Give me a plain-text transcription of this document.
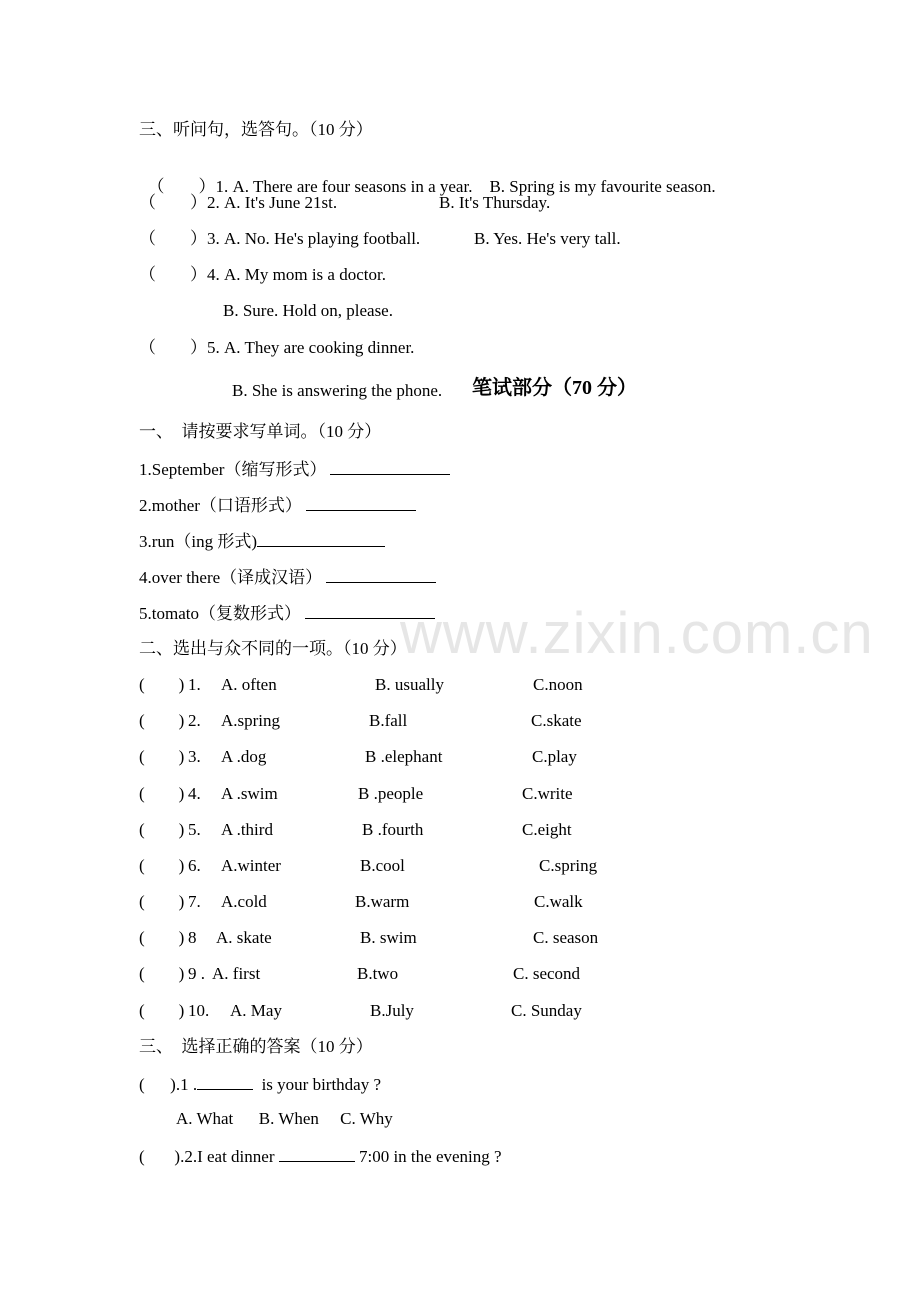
www.zixin.com.cn
三、听问句，选答句。（10 分）

（        ）1. A. There are four seasons in a year.    B. Spring is my favourite season.

（        ）2. A. It's June 21st.	B. It's Thursday.
（        ）3. A. No. He's playing football.	B. Yes. He's very tall.
（        ）4. A. My mom is a doctor.
B. Sure. Hold on, please.
（        ）5. A. They are cooking dinner.
B. She is answering the phone. 笔试部分（70 分）
一、  请按要求写单词。（10 分）
1.September（缩写形式）
2.mother（口语形式）
3.run（ing 形式)
4.over there（译成汉语）
5.tomato（复数形式）
二、选出与众不同的一项。（10 分）
(        ) 1. A. often	B. usually	C.noon
(        ) 2. A.spring	B.fall	C.skate
(        ) 3. A .dog	B .elephant	C.play
(        ) 4. A .swim	B .people	C.write
(        ) 5. A .third	B .fourth	C.eight
(        ) 6. A.winter	B.cool	C.spring
(        ) 7. A.cold	B.warm	C.walk
(        ) 8 A. skate	B. swim	C. season
(        ) 9 . A. first	B.two	C. second
(        ) 10. A. May	B.July	C. Sunday
三、  选择正确的答案（10 分）
(      ).1 .	is your birthday ?
A. What      B. When     C. Why
(       ).2.I eat dinner	7:00 in the evening ?
